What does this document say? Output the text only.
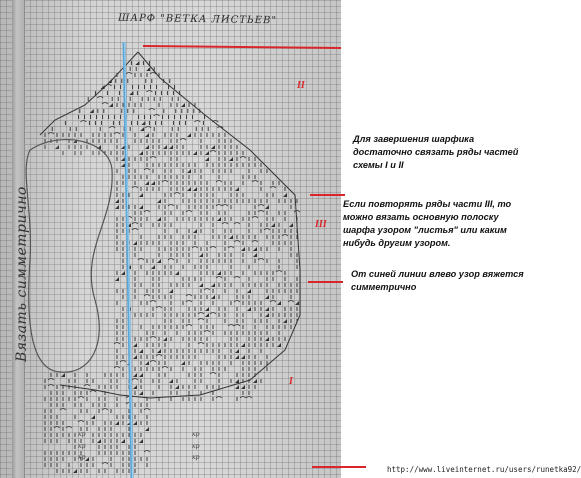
кр
кр
кр
кр
кр
кр
ШАРФ "ВЕТКА ЛИСТЬЕВ"
Вязать симметрично
II
III
I
Для завершения шарфика
достаточно связать ряды частей
схемы I и II
Если повторять ряды части III, то
можно вязать основную полоску
шарфа узором "листья" или каким
нибудь другим узором.
От синей линии влево узор вяжется
симметрично
http://www.liveinternet.ru/users/runetka92/
